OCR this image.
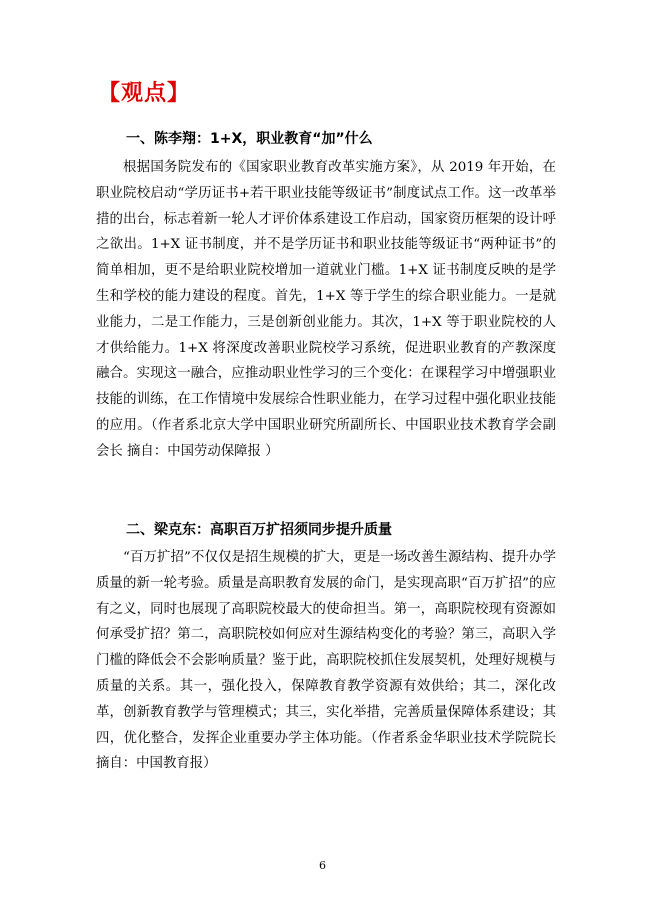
【观点】
一、陈李翔：1+X，职业教育“加”什么

根据国务院发布的《国家职业教育改革实施方案》，从 2019 年开始，在职业院校启动“学历证书+若干职业技能等级证书”制度试点工作。这一改革举措的出台，标志着新一轮人才评价体系建设工作启动，国家资历框架的设计呼之欲出。1+X 证书制度，并不是学历证书和职业技能等级证书“两种证书”的简单相加，更不是给职业院校增加一道就业门槛。1+X 证书制度反映的是学生和学校的能力建设的程度。首先，1+X 等于学生的综合职业能力。一是就业能力，二是工作能力，三是创新创业能力。其次，1+X 等于职业院校的人才供给能力。1+X 将深度改善职业院校学习系统，促进职业教育的产教深度融合。实现这一融合，应推动职业性学习的三个变化：在课程学习中增强职业技能的训练，在工作情境中发展综合性职业能力，在学习过程中强化职业技能的应用。（作者系北京大学中国职业研究所副所长、中国职业技术教育学会副会长 摘自：中国劳动保障报 ）

二、梁克东：高职百万扩招须同步提升质量

“百万扩招”不仅仅是招生规模的扩大，更是一场改善生源结构、提升办学质量的新一轮考验。质量是高职教育发展的命门，是实现高职“百万扩招”的应有之义，同时也展现了高职院校最大的使命担当。第一，高职院校现有资源如何承受扩招？第二，高职院校如何应对生源结构变化的考验？第三，高职入学门槛的降低会不会影响质量？鉴于此，高职院校抓住发展契机，处理好规模与质量的关系。其一，强化投入，保障教育教学资源有效供给；其二，深化改革，创新教育教学与管理模式；其三，实化举措，完善质量保障体系建设；其四，优化整合，发挥企业重要办学主体功能。（作者系金华职业技术学院院长 摘自：中国教育报）

6
